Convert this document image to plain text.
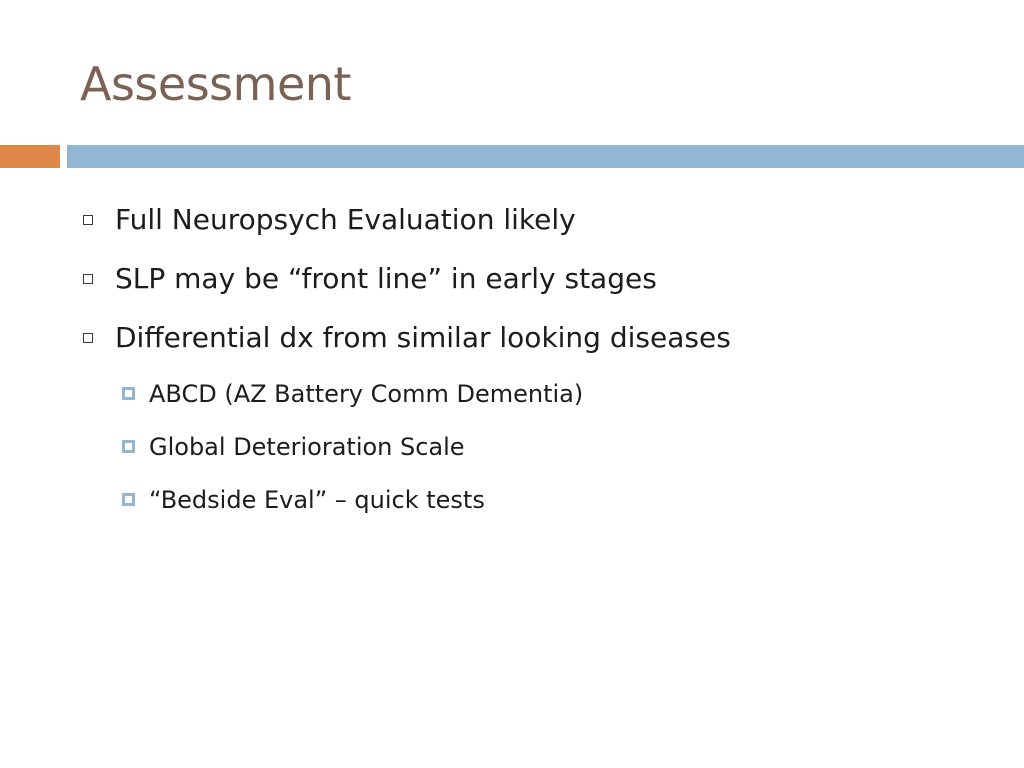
Assessment
Full Neuropsych Evaluation likely
SLP may be “front line” in early stages
Differential dx from similar looking diseases
ABCD (AZ Battery Comm Dementia)
Global Deterioration Scale
“Bedside Eval” – quick tests
